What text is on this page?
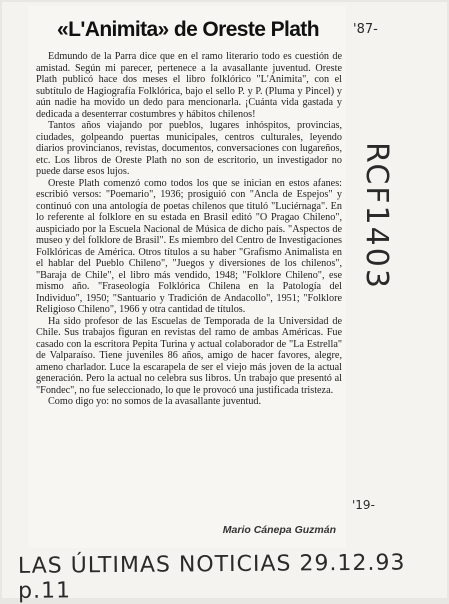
«L'Animita» de Oreste Plath

Edmundo de la Parra dice que en el ramo literario todo es cuestión de amistad. Según mi parecer, pertenece a la avasallante juventud. Oreste Plath publicó hace dos meses el libro folklórico "L'Animita", con el subtítulo de Hagiografía Folklórica, bajo el sello P. y P. (Pluma y Pincel) y aún nadie ha movido un dedo para mencionarla. ¡Cuánta vida gastada y dedicada a desenterrar costumbres y hábitos chilenos!

Tantos años viajando por pueblos, lugares inhóspitos, provincias, ciudades, golpeando puertas municipales, centros culturales, leyendo diarios provincianos, revistas, documentos, conversaciones con lugareños, etc. Los libros de Oreste Plath no son de escritorio, un investigador no puede darse esos lujos.

Oreste Plath comenzó como todos los que se inician en estos afanes: escribió versos: "Poemario", 1936; prosiguió con "Ancla de Espejos" y continuó con una antología de poetas chilenos que tituló "Luciérnaga". En lo referente al folklore en su estada en Brasil editó "O Pragao Chileno", auspiciado por la Escuela Nacional de Música de dicho país. "Aspectos de museo y del folklore de Brasil". Es miembro del Centro de Investigaciones Folklóricas de América. Otros títulos a su haber "Grafismo Animalista en el hablar del Pueblo Chileno", "Juegos y diversiones de los chilenos", "Baraja de Chile", el libro más vendido, 1948; "Folklore Chileno", ese mismo año. "Fraseología Folklórica Chilena en la Patología del Individuo", 1950; "Santuario y Tradición de Andacollo", 1951; "Folklore Religioso Chileno", 1966 y otra cantidad de títulos.

Ha sido profesor de las Escuelas de Temporada de la Universidad de Chile. Sus trabajos figuran en revistas del ramo de ambas Américas. Fue casado con la escritora Pepita Turina y actual colaborador de "La Estrella" de Valparaíso. Tiene juveniles 86 años, amigo de hacer favores, alegre, ameno charlador. Luce la escarapela de ser el viejo más joven de la actual generación. Pero la actual no celebra sus libros. Un trabajo que presentó al "Fondec", no fue seleccionado, lo que le provocó una justificada tristeza.

Como digo yo: no somos de la avasallante juventud.

Mario Cánepa Guzmán
'87-
RCF1403
'19-
LAS ÚLTIMAS NOTICIAS 29.12.93 p.11
